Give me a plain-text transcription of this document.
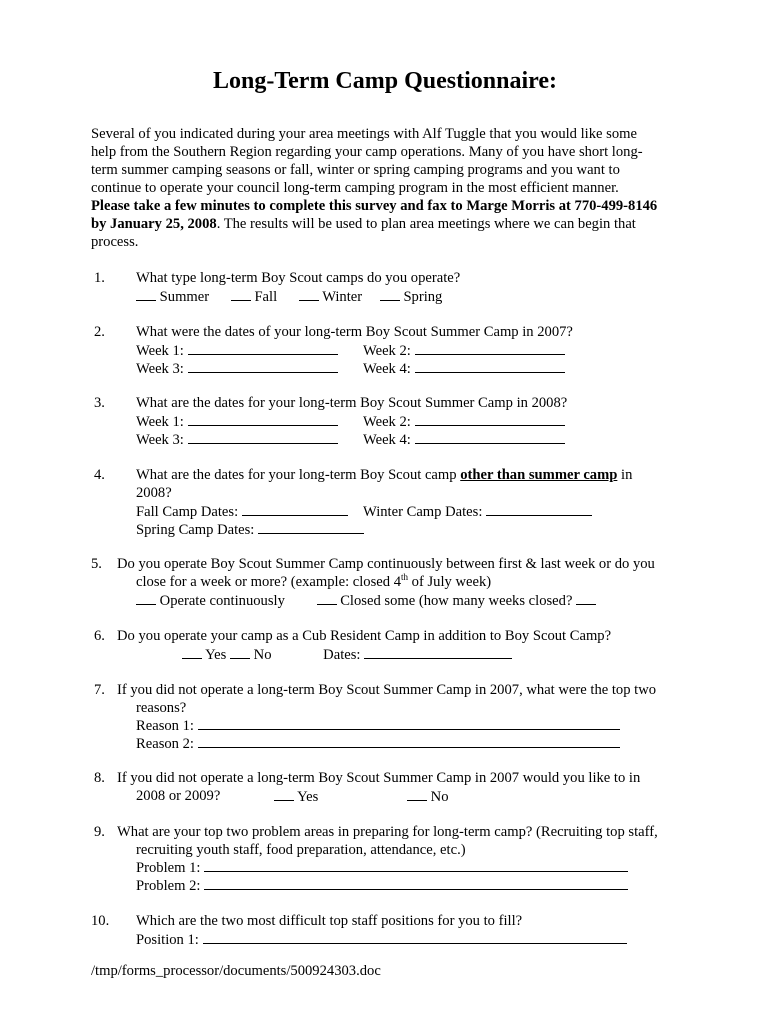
Long-Term Camp Questionnaire:
Several of you indicated during your area meetings with Alf Tuggle that you would like some
help from the Southern Region regarding your camp operations. Many of you have short long-
term summer camping seasons or fall, winter or spring camping programs and you want to
continue to operate your council long-term camping program in the most efficient manner.
Please take a few minutes to complete this survey and fax to Marge Morris at 770-499-8146
by January 25, 2008. The results will be used to plan area meetings where we can begin that
process.
1. What type long-term Boy Scout camps do you operate?
Summer	Fall	Winter	Spring
2. What were the dates of your long-term Boy Scout Summer Camp in 2007?
Week 1:	Week 2:
Week 3:	Week 4:
3. What are the dates for your long-term Boy Scout Summer Camp in 2008?
Week 1:	Week 2:
Week 3:	Week 4:
4. What are the dates for your long-term Boy Scout camp other than summer camp in
2008?
Fall Camp Dates:	Winter Camp Dates:
Spring Camp Dates:
5. Do you operate Boy Scout Summer Camp continuously between first & last week or do you
close for a week or more? (example: closed 4th of July week)
Operate continuously	Closed some (how many weeks closed?
6. Do you operate your camp as a Cub Resident Camp in addition to Boy Scout Camp?
Yes No	Dates:
7. If you did not operate a long-term Boy Scout Summer Camp in 2007, what were the top two
reasons?
Reason 1:
Reason 2:
8. If you did not operate a long-term Boy Scout Summer Camp in 2007 would you like to in
2008 or 2009?	Yes	No
9. What are your top two problem areas in preparing for long-term camp? (Recruiting top staff,
recruiting youth staff, food preparation, attendance, etc.)
Problem 1:
Problem 2:
10. Which are the two most difficult top staff positions for you to fill?
Position 1:
/tmp/forms_processor/documents/500924303.doc
